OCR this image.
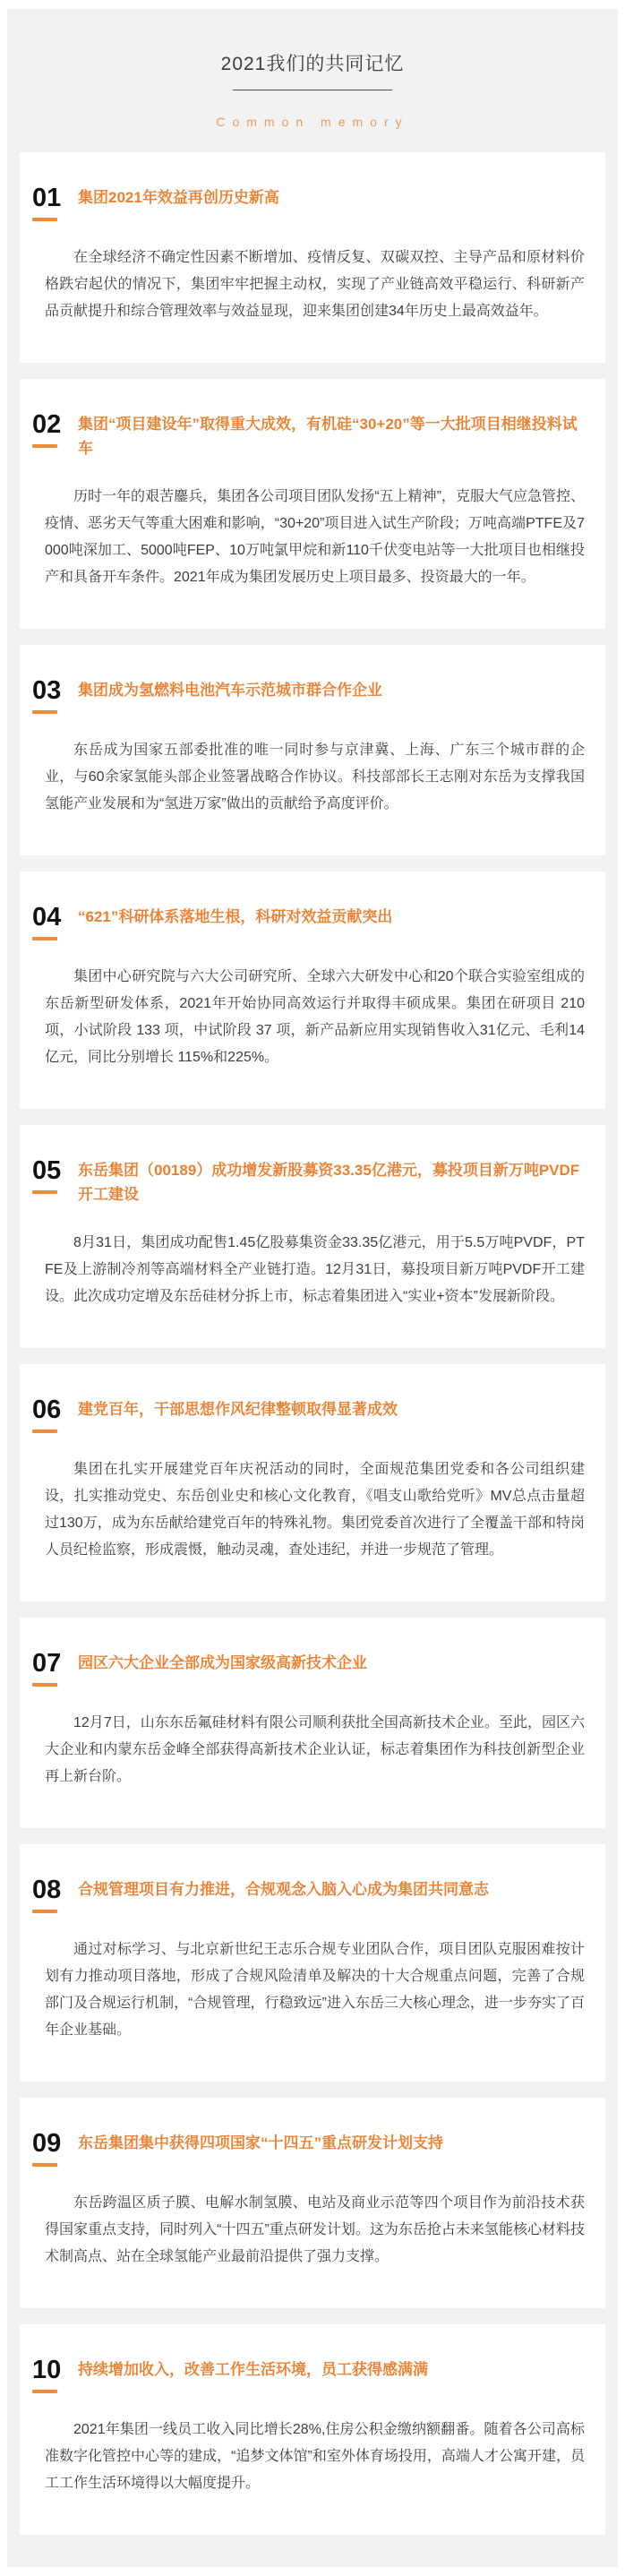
2021我们的共同记忆
Common memory
01	集团2021年效益再创历史新高
在全球经济不确定性因素不断增加、疫情反复、双碳双控、主导产品和原材料价格跌宕起伏的情况下，集团牢牢把握主动权，实现了产业链高效平稳运行、科研新产品贡献提升和综合管理效率与效益显现，迎来集团创建34年历史上最高效益年。
02	集团“项目建设年”取得重大成效，有机硅“30+20”等一大批项目相继投料试车
历时一年的艰苦鏖兵，集团各公司项目团队发扬“五上精神”，克服大气应急管控、疫情、恶劣天气等重大困难和影响，“30+20”项目进入试生产阶段；万吨高端PTFE及7000吨深加工、5000吨FEP、10万吨氯甲烷和新110千伏变电站等一大批项目也相继投产和具备开车条件。2021年成为集团发展历史上项目最多、投资最大的一年。
03	集团成为氢燃料电池汽车示范城市群合作企业
东岳成为国家五部委批准的唯一同时参与京津冀、上海、广东三个城市群的企业，与60余家氢能头部企业签署战略合作协议。科技部部长王志刚对东岳为支撑我国氢能产业发展和为“氢进万家”做出的贡献给予高度评价。
04	“621”科研体系落地生根，科研对效益贡献突出
集团中心研究院与六大公司研究所、全球六大研发中心和20个联合实验室组成的东岳新型研发体系，2021年开始协同高效运行并取得丰硕成果。集团在研项目 210 项，小试阶段 133 项，中试阶段 37 项，新产品新应用实现销售收入31亿元、毛利14亿元，同比分别增长 115%和225%。
05	东岳集团（00189）成功增发新股募资33.35亿港元，募投项目新万吨PVDF开工建设
8月31日，集团成功配售1.45亿股募集资金33.35亿港元，用于5.5万吨PVDF，PTFE及上游制冷剂等高端材料全产业链打造。12月31日，募投项目新万吨PVDF开工建设。此次成功定增及东岳硅材分拆上市，标志着集团进入“实业+资本”发展新阶段。
06	建党百年，干部思想作风纪律整顿取得显著成效
集团在扎实开展建党百年庆祝活动的同时，全面规范集团党委和各公司组织建设，扎实推动党史、东岳创业史和核心文化教育，《唱支山歌给党听》MV总点击量超过130万，成为东岳献给建党百年的特殊礼物。集团党委首次进行了全覆盖干部和特岗人员纪检监察，形成震慑，触动灵魂，查处违纪，并进一步规范了管理。
07	园区六大企业全部成为国家级高新技术企业
12月7日，山东东岳氟硅材料有限公司顺利获批全国高新技术企业。至此，园区六大企业和内蒙东岳金峰全部获得高新技术企业认证，标志着集团作为科技创新型企业再上新台阶。
08	合规管理项目有力推进，合规观念入脑入心成为集团共同意志
通过对标学习、与北京新世纪王志乐合规专业团队合作，项目团队克服困难按计划有力推动项目落地，形成了合规风险清单及解决的十大合规重点问题，完善了合规部门及合规运行机制，“合规管理，行稳致远”进入东岳三大核心理念，进一步夯实了百年企业基础。
09	东岳集团集中获得四项国家“十四五”重点研发计划支持
东岳跨温区质子膜、电解水制氢膜、电站及商业示范等四个项目作为前沿技术获得国家重点支持，同时列入“十四五”重点研发计划。这为东岳抢占未来氢能核心材料技术制高点、站在全球氢能产业最前沿提供了强力支撑。
10	持续增加收入，改善工作生活环境，员工获得感满满
2021年集团一线员工收入同比增长28%,住房公积金缴纳额翻番。随着各公司高标准数字化管控中心等的建成，“追梦文体馆”和室外体育场投用，高端人才公寓开建，员工工作生活环境得以大幅度提升。
